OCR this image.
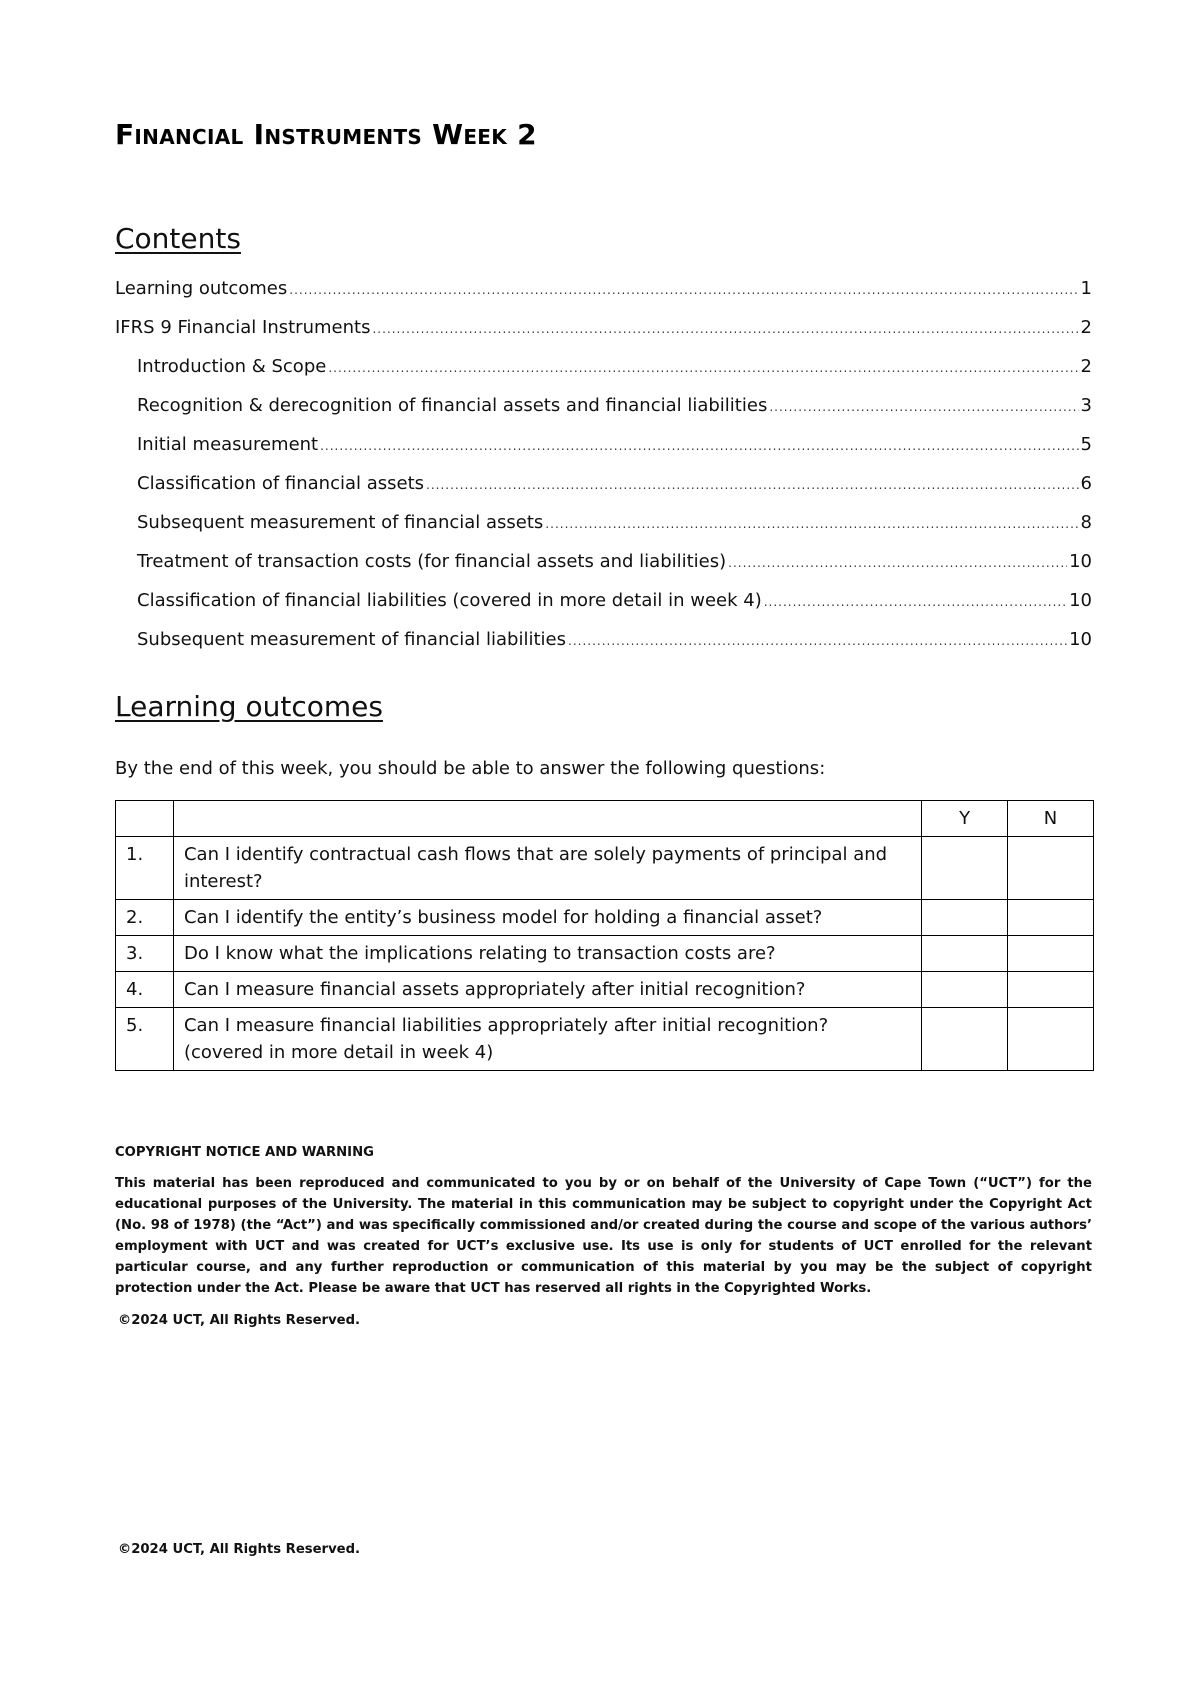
Financial Instruments Week 2
Contents
Learning outcomes .....	1
IFRS 9 Financial Instruments .....	2
Introduction & Scope .....	2
Recognition & derecognition of financial assets and financial liabilities .....	3
Initial measurement .....	5
Classification of financial assets .....	6
Subsequent measurement of financial assets .....	8
Treatment of transaction costs (for financial assets and liabilities) .....	10
Classification of financial liabilities (covered in more detail in week 4) .....	10
Subsequent measurement of financial liabilities .....	10
Learning outcomes

By the end of this week, you should be able to answer the following questions:

		Y	N
1.	Can I identify contractual cash flows that are solely payments of principal and interest?		
2.	Can I identify the entity’s business model for holding a financial asset?		
3.	Do I know what the implications relating to transaction costs are?		
4.	Can I measure financial assets appropriately after initial recognition?		
5.	Can I measure financial liabilities appropriately after initial recognition? (covered in more detail in week 4)		

COPYRIGHT NOTICE AND WARNING

This material has been reproduced and communicated to you by or on behalf of the University of Cape Town (“UCT”) for the educational purposes of the University. The material in this communication may be subject to copyright under the Copyright Act (No. 98 of 1978) (the “Act”) and was specifically commissioned and/or created during the course and scope of the various authors’ employment with UCT and was created for UCT’s exclusive use. Its use is only for students of UCT enrolled for the relevant particular course, and any further reproduction or communication of this material by you may be the subject of copyright protection under the Act. Please be aware that UCT has reserved all rights in the Copyrighted Works.

©2024 UCT, All Rights Reserved.

©2024 UCT, All Rights Reserved.
